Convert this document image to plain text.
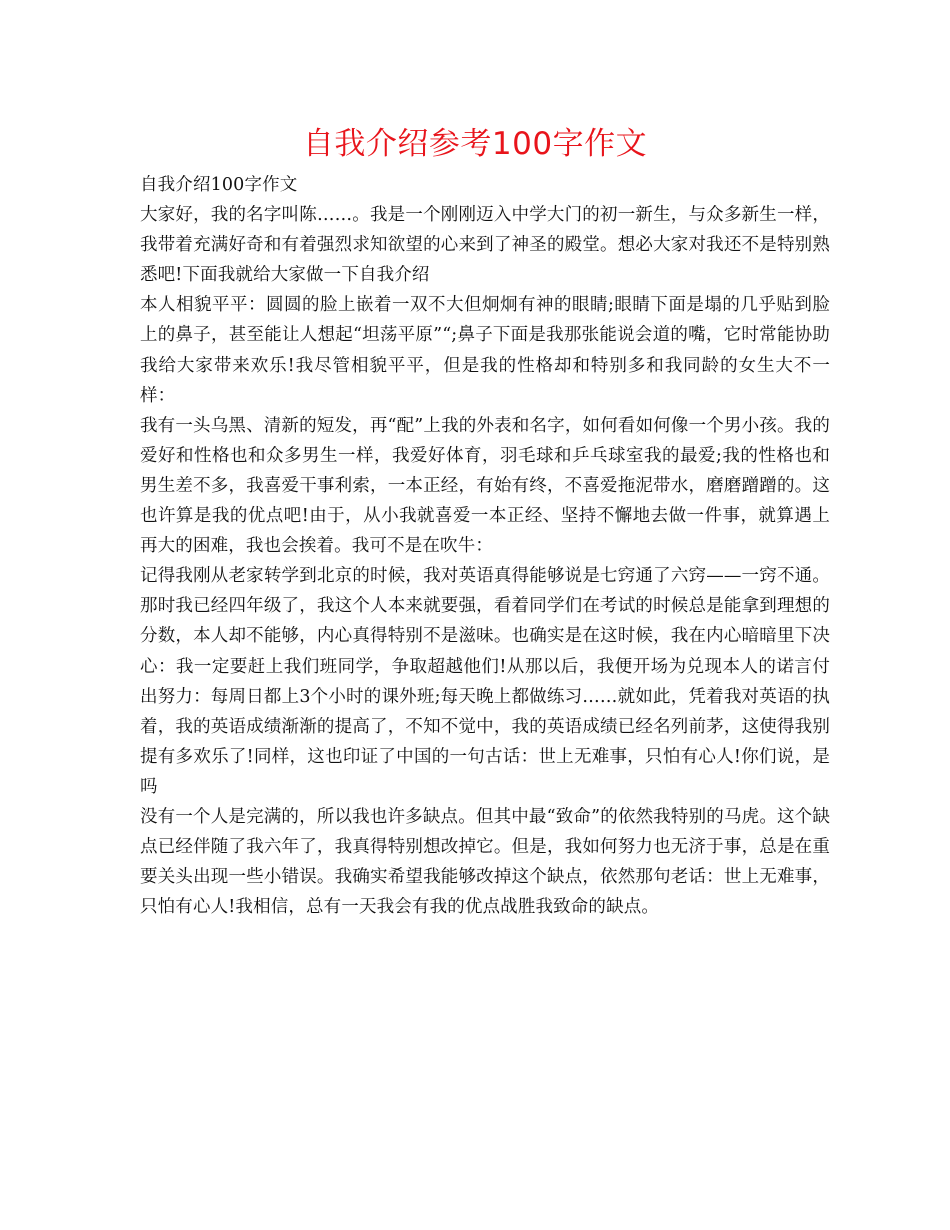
自我介绍参考100字作文

自我介绍100字作文

大家好，我的名字叫陈……。我是一个刚刚迈入中学大门的初一新生，与众多新生一样，我带着充满好奇和有着强烈求知欲望的心来到了神圣的殿堂。想必大家对我还不是特别熟悉吧!下面我就给大家做一下自我介绍

本人相貌平平：圆圆的脸上嵌着一双不大但炯炯有神的眼睛;眼睛下面是塌的几乎贴到脸上的鼻子，甚至能让人想起“坦荡平原”“;鼻子下面是我那张能说会道的嘴，它时常能协助我给大家带来欢乐!我尽管相貌平平，但是我的性格却和特别多和我同龄的女生大不一样：

我有一头乌黑、清新的短发，再“配”上我的外表和名字，如何看如何像一个男小孩。我的爱好和性格也和众多男生一样，我爱好体育，羽毛球和乒乓球室我的最爱;我的性格也和男生差不多，我喜爱干事利索，一本正经，有始有终，不喜爱拖泥带水，磨磨蹭蹭的。这也许算是我的优点吧!由于，从小我就喜爱一本正经、坚持不懈地去做一件事，就算遇上再大的困难，我也会挨着。我可不是在吹牛：

记得我刚从老家转学到北京的时候，我对英语真得能够说是七窍通了六窍——一窍不通。那时我已经四年级了，我这个人本来就要强，看着同学们在考试的时候总是能拿到理想的分数，本人却不能够，内心真得特别不是滋味。也确实是在这时候，我在内心暗暗里下决心：我一定要赶上我们班同学，争取超越他们!从那以后，我便开场为兑现本人的诺言付出努力：每周日都上3个小时的课外班;每天晚上都做练习……就如此，凭着我对英语的执着，我的英语成绩渐渐的提高了，不知不觉中，我的英语成绩已经名列前茅，这使得我别提有多欢乐了!同样，这也印证了中国的一句古话：世上无难事，只怕有心人!你们说，是吗

没有一个人是完满的，所以我也许多缺点。但其中最“致命”的依然我特别的马虎。这个缺点已经伴随了我六年了，我真得特别想改掉它。但是，我如何努力也无济于事，总是在重要关头出现一些小错误。我确实希望我能够改掉这个缺点，依然那句老话：世上无难事，只怕有心人!我相信，总有一天我会有我的优点战胜我致命的缺点。
